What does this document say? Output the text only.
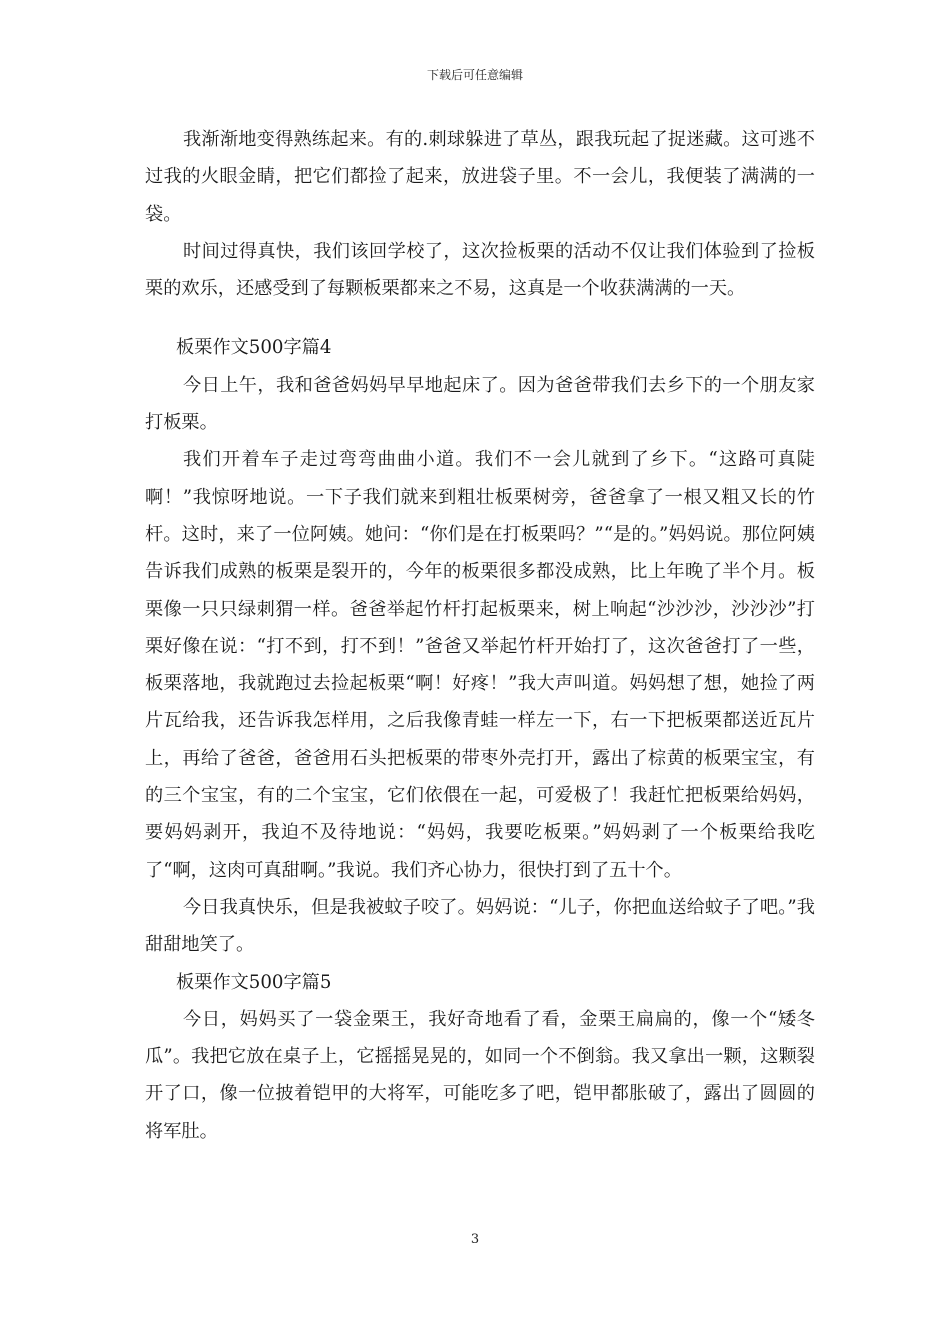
下载后可任意编辑

我渐渐地变得熟练起来。有的.刺球躲进了草丛，跟我玩起了捉迷藏。这可逃不过我的火眼金睛，把它们都捡了起来，放进袋子里。不一会儿，我便装了满满的一袋。

时间过得真快，我们该回学校了，这次捡板栗的活动不仅让我们体验到了捡板栗的欢乐，还感受到了每颗板栗都来之不易，这真是一个收获满满的一天。

板栗作文500字篇4

今日上午，我和爸爸妈妈早早地起床了。因为爸爸带我们去乡下的一个朋友家打板栗。

我们开着车子走过弯弯曲曲小道。我们不一会儿就到了乡下。“这路可真陡啊！”我惊呀地说。一下子我们就来到粗壮板栗树旁，爸爸拿了一根又粗又长的竹杆。这时，来了一位阿姨。她问：“你们是在打板栗吗？”“是的。”妈妈说。那位阿姨告诉我们成熟的板栗是裂开的，今年的板栗很多都没成熟，比上年晚了半个月。板栗像一只只绿刺猬一样。爸爸举起竹杆打起板栗来，树上响起“沙沙沙，沙沙沙”打栗好像在说：“打不到，打不到！”爸爸又举起竹杆开始打了，这次爸爸打了一些，板栗落地，我就跑过去捡起板栗“啊！好疼！”我大声叫道。妈妈想了想，她捡了两片瓦给我，还告诉我怎样用，之后我像青蛙一样左一下，右一下把板栗都送近瓦片上，再给了爸爸，爸爸用石头把板栗的带枣外壳打开，露出了棕黄的板栗宝宝，有的三个宝宝，有的二个宝宝，它们依偎在一起，可爱极了！我赶忙把板栗给妈妈，要妈妈剥开，我迫不及待地说：“妈妈，我要吃板栗。”妈妈剥了一个板栗给我吃了“啊，这肉可真甜啊。”我说。我们齐心协力，很快打到了五十个。

今日我真快乐，但是我被蚊子咬了。妈妈说：“儿子，你把血送给蚊子了吧。”我甜甜地笑了。

板栗作文500字篇5

今日，妈妈买了一袋金栗王，我好奇地看了看，金栗王扁扁的，像一个“矮冬瓜”。我把它放在桌子上，它摇摇晃晃的，如同一个不倒翁。我又拿出一颗，这颗裂开了口，像一位披着铠甲的大将军，可能吃多了吧，铠甲都胀破了，露出了圆圆的将军肚。

3
